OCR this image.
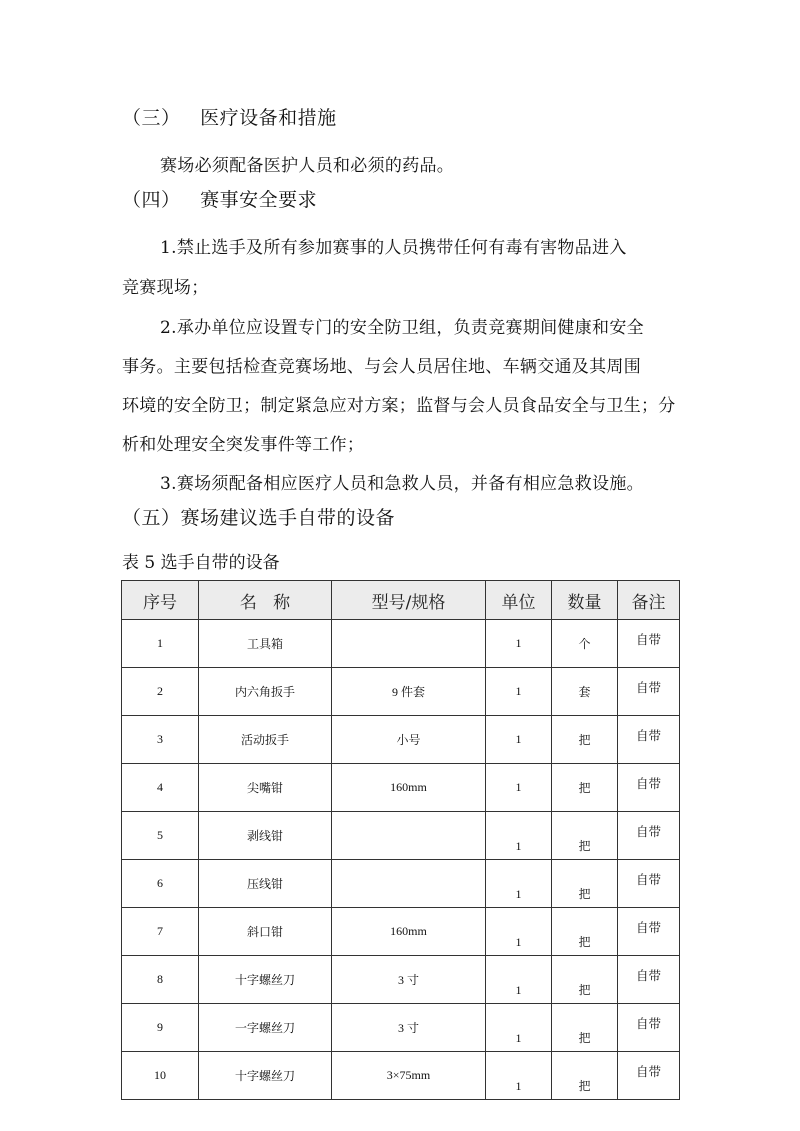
（三） 医疗设备和措施
赛场必须配备医护人员和必须的药品。
（四） 赛事安全要求
1.禁止选手及所有参加赛事的人员携带任何有毒有害物品进入
竞赛现场；
2.承办单位应设置专门的安全防卫组，负责竞赛期间健康和安全
事务。主要包括检查竞赛场地、与会人员居住地、车辆交通及其周围
环境的安全防卫；制定紧急应对方案；监督与会人员食品安全与卫生；分
析和处理安全突发事件等工作；
3.赛场须配备相应医疗人员和急救人员，并备有相应急救设施。
（五）赛场建议选手自带的设备
表 5 选手自带的设备
序号	名   称	型号/规格	单位	数量	备注
1	工具箱		1	个	自带
2	内六角扳手	9 件套	1	套	自带
3	活动扳手	小号	1	把	自带
4	尖嘴钳	160mm	1	把	自带
5	剥线钳		1	把	自带
6	压线钳		1	把	自带
7	斜口钳	160mm	1	把	自带
8	十字螺丝刀	3 寸	1	把	自带
9	一字螺丝刀	3 寸	1	把	自带
10	十字螺丝刀	3×75mm	1	把	自带
